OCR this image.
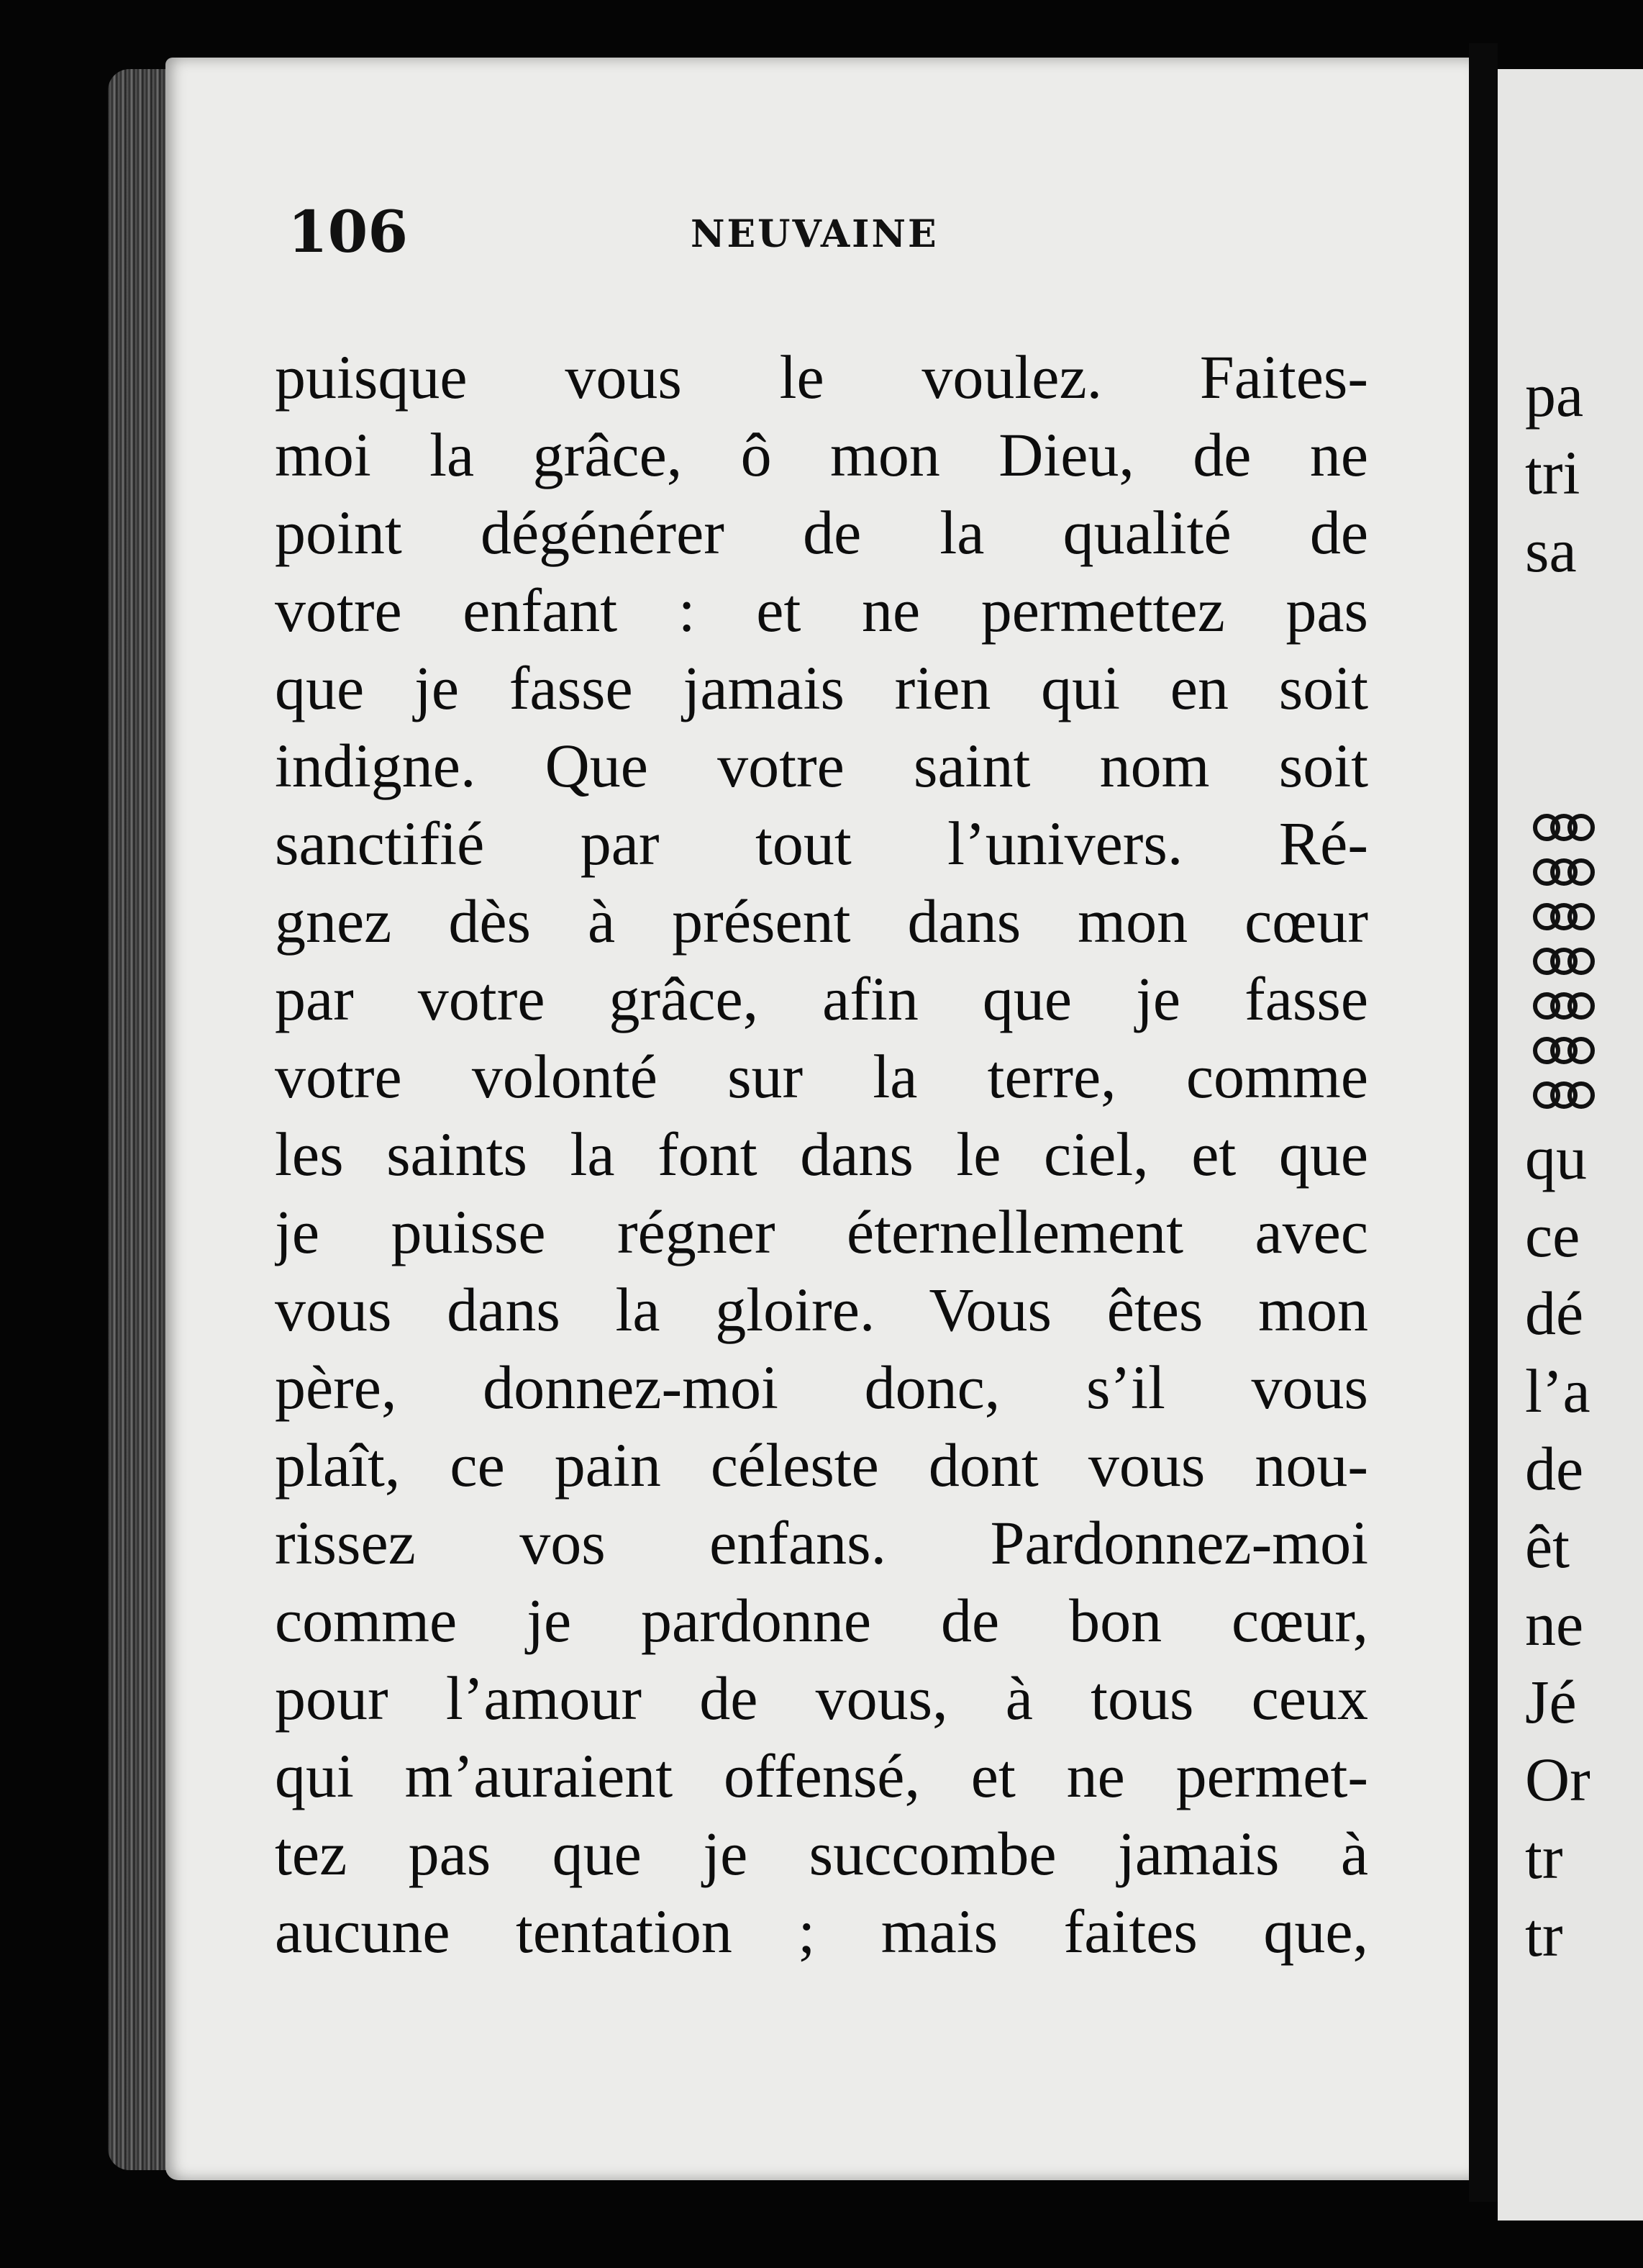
106	NEUVAINE
puisque vous le voulez. Faites-
moi la grâce, ô mon Dieu, de ne
point dégénérer de la qualité de
votre enfant : et ne permettez pas
que je fasse jamais rien qui en soit
indigne. Que votre saint nom soit
sanctifié par tout l’univers. Ré-
gnez dès à présent dans mon cœur
par votre grâce, afin que je fasse
votre volonté sur la terre, comme
les saints la font dans le ciel, et que
je puisse régner éternellement avec
vous dans la gloire. Vous êtes mon
père, donnez-moi donc, s’il vous
plaît, ce pain céleste dont vous nou-
rissez vos enfans. Pardonnez-moi
comme je pardonne de bon cœur,
pour l’amour de vous, à tous ceux
qui m’auraient offensé, et ne permet-
tez pas que je succombe jamais à
aucune tentation ; mais faites que,
pa
tri
sa
qu
ce
dé
l’a
de
êt
ne
Jé
Or
tr
tr
